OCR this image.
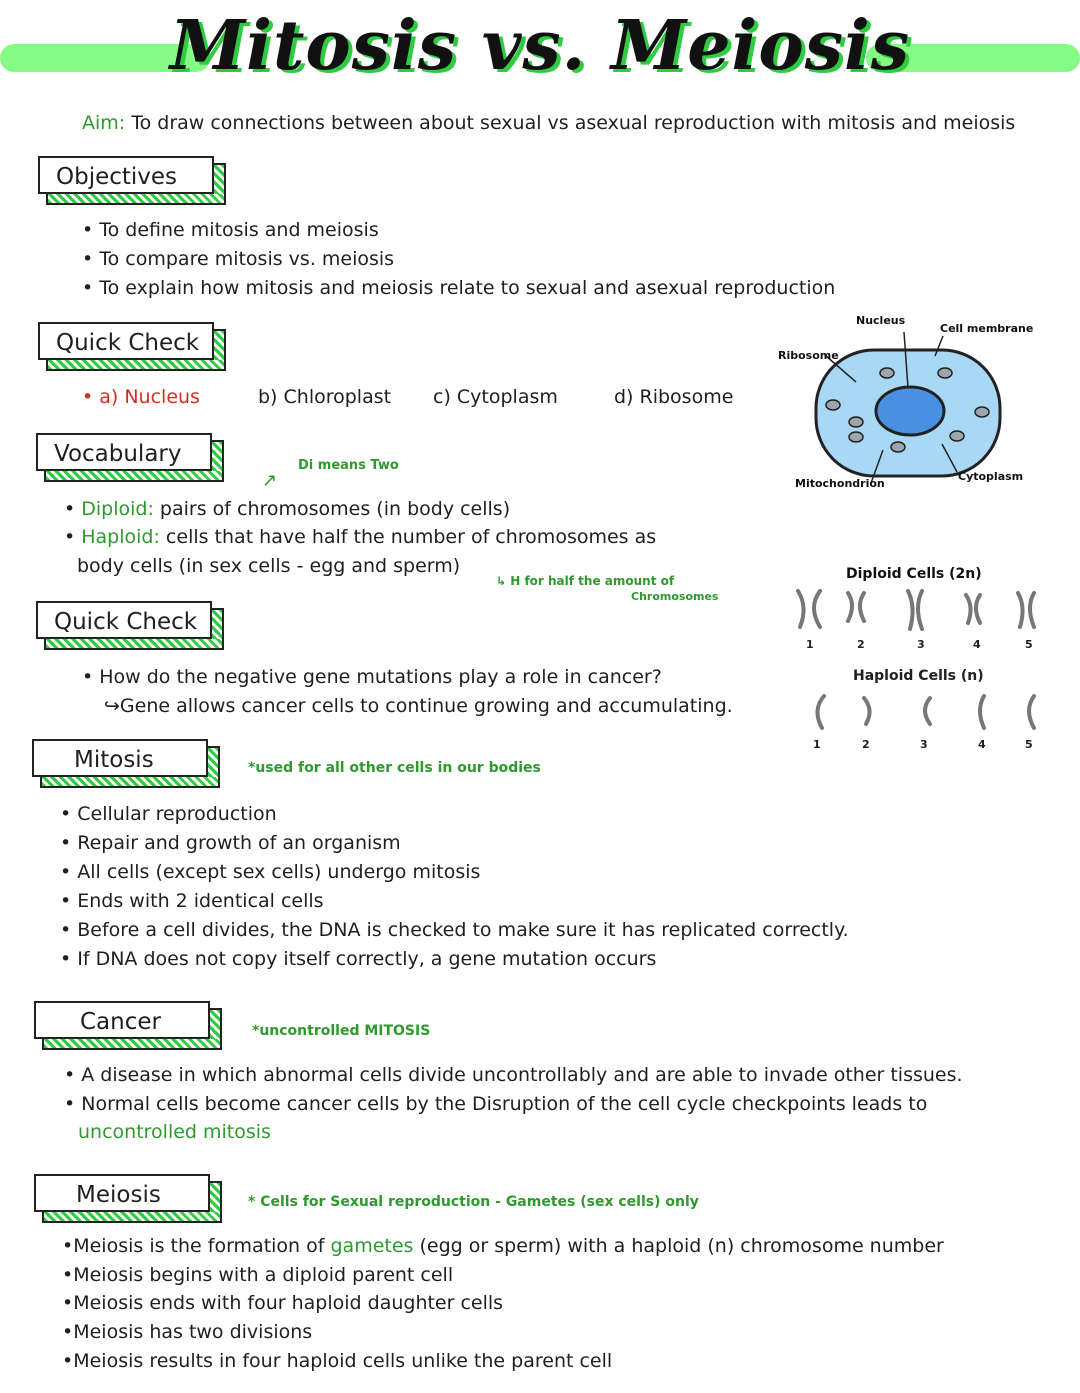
Mitosis vs. Meiosis
Aim: To draw connections between about sexual vs asexual reproduction with mitosis and meiosis
Objectives
• To define mitosis and meiosis
• To compare mitosis vs. meiosis
• To explain how mitosis and meiosis relate to sexual and asexual reproduction
Quick Check
• a) Nucleus	b) Chloroplast c) Cytoplasm	d) Ribosome
Nucleus
Cell membrane
Ribosome
Mitochondrion
Cytoplasm
Vocabulary	Di means Two
↗
• Diploid: pairs of chromosomes (in body cells)
• Haploid: cells that have half the number of chromosomes as
body cells (in sex cells - egg and sperm)
↳ H for half the amount of
Chromosomes
Diploid Cells (2n)
1	2	3	4	5
Haploid Cells (n)
1	2	3	4	5
Quick Check
• How do the negative gene mutations play a role in cancer?
↪Gene allows cancer cells to continue growing and accumulating.
Mitosis	*used for all other cells in our bodies
• Cellular reproduction
• Repair and growth of an organism
• All cells (except sex cells) undergo mitosis
• Ends with 2 identical cells
• Before a cell divides, the DNA is checked to make sure it has replicated correctly.
• If DNA does not copy itself correctly, a gene mutation occurs
Cancer	*uncontrolled MITOSIS
• A disease in which abnormal cells divide uncontrollably and are able to invade other tissues.
• Normal cells become cancer cells by the Disruption of the cell cycle checkpoints leads to
uncontrolled mitosis
Meiosis	* Cells for Sexual reproduction - Gametes (sex cells) only
•Meiosis is the formation of gametes (egg or sperm) with a haploid (n) chromosome number
•Meiosis begins with a diploid parent cell
•Meiosis ends with four haploid daughter cells
•Meiosis has two divisions
•Meiosis results in four haploid cells unlike the parent cell
